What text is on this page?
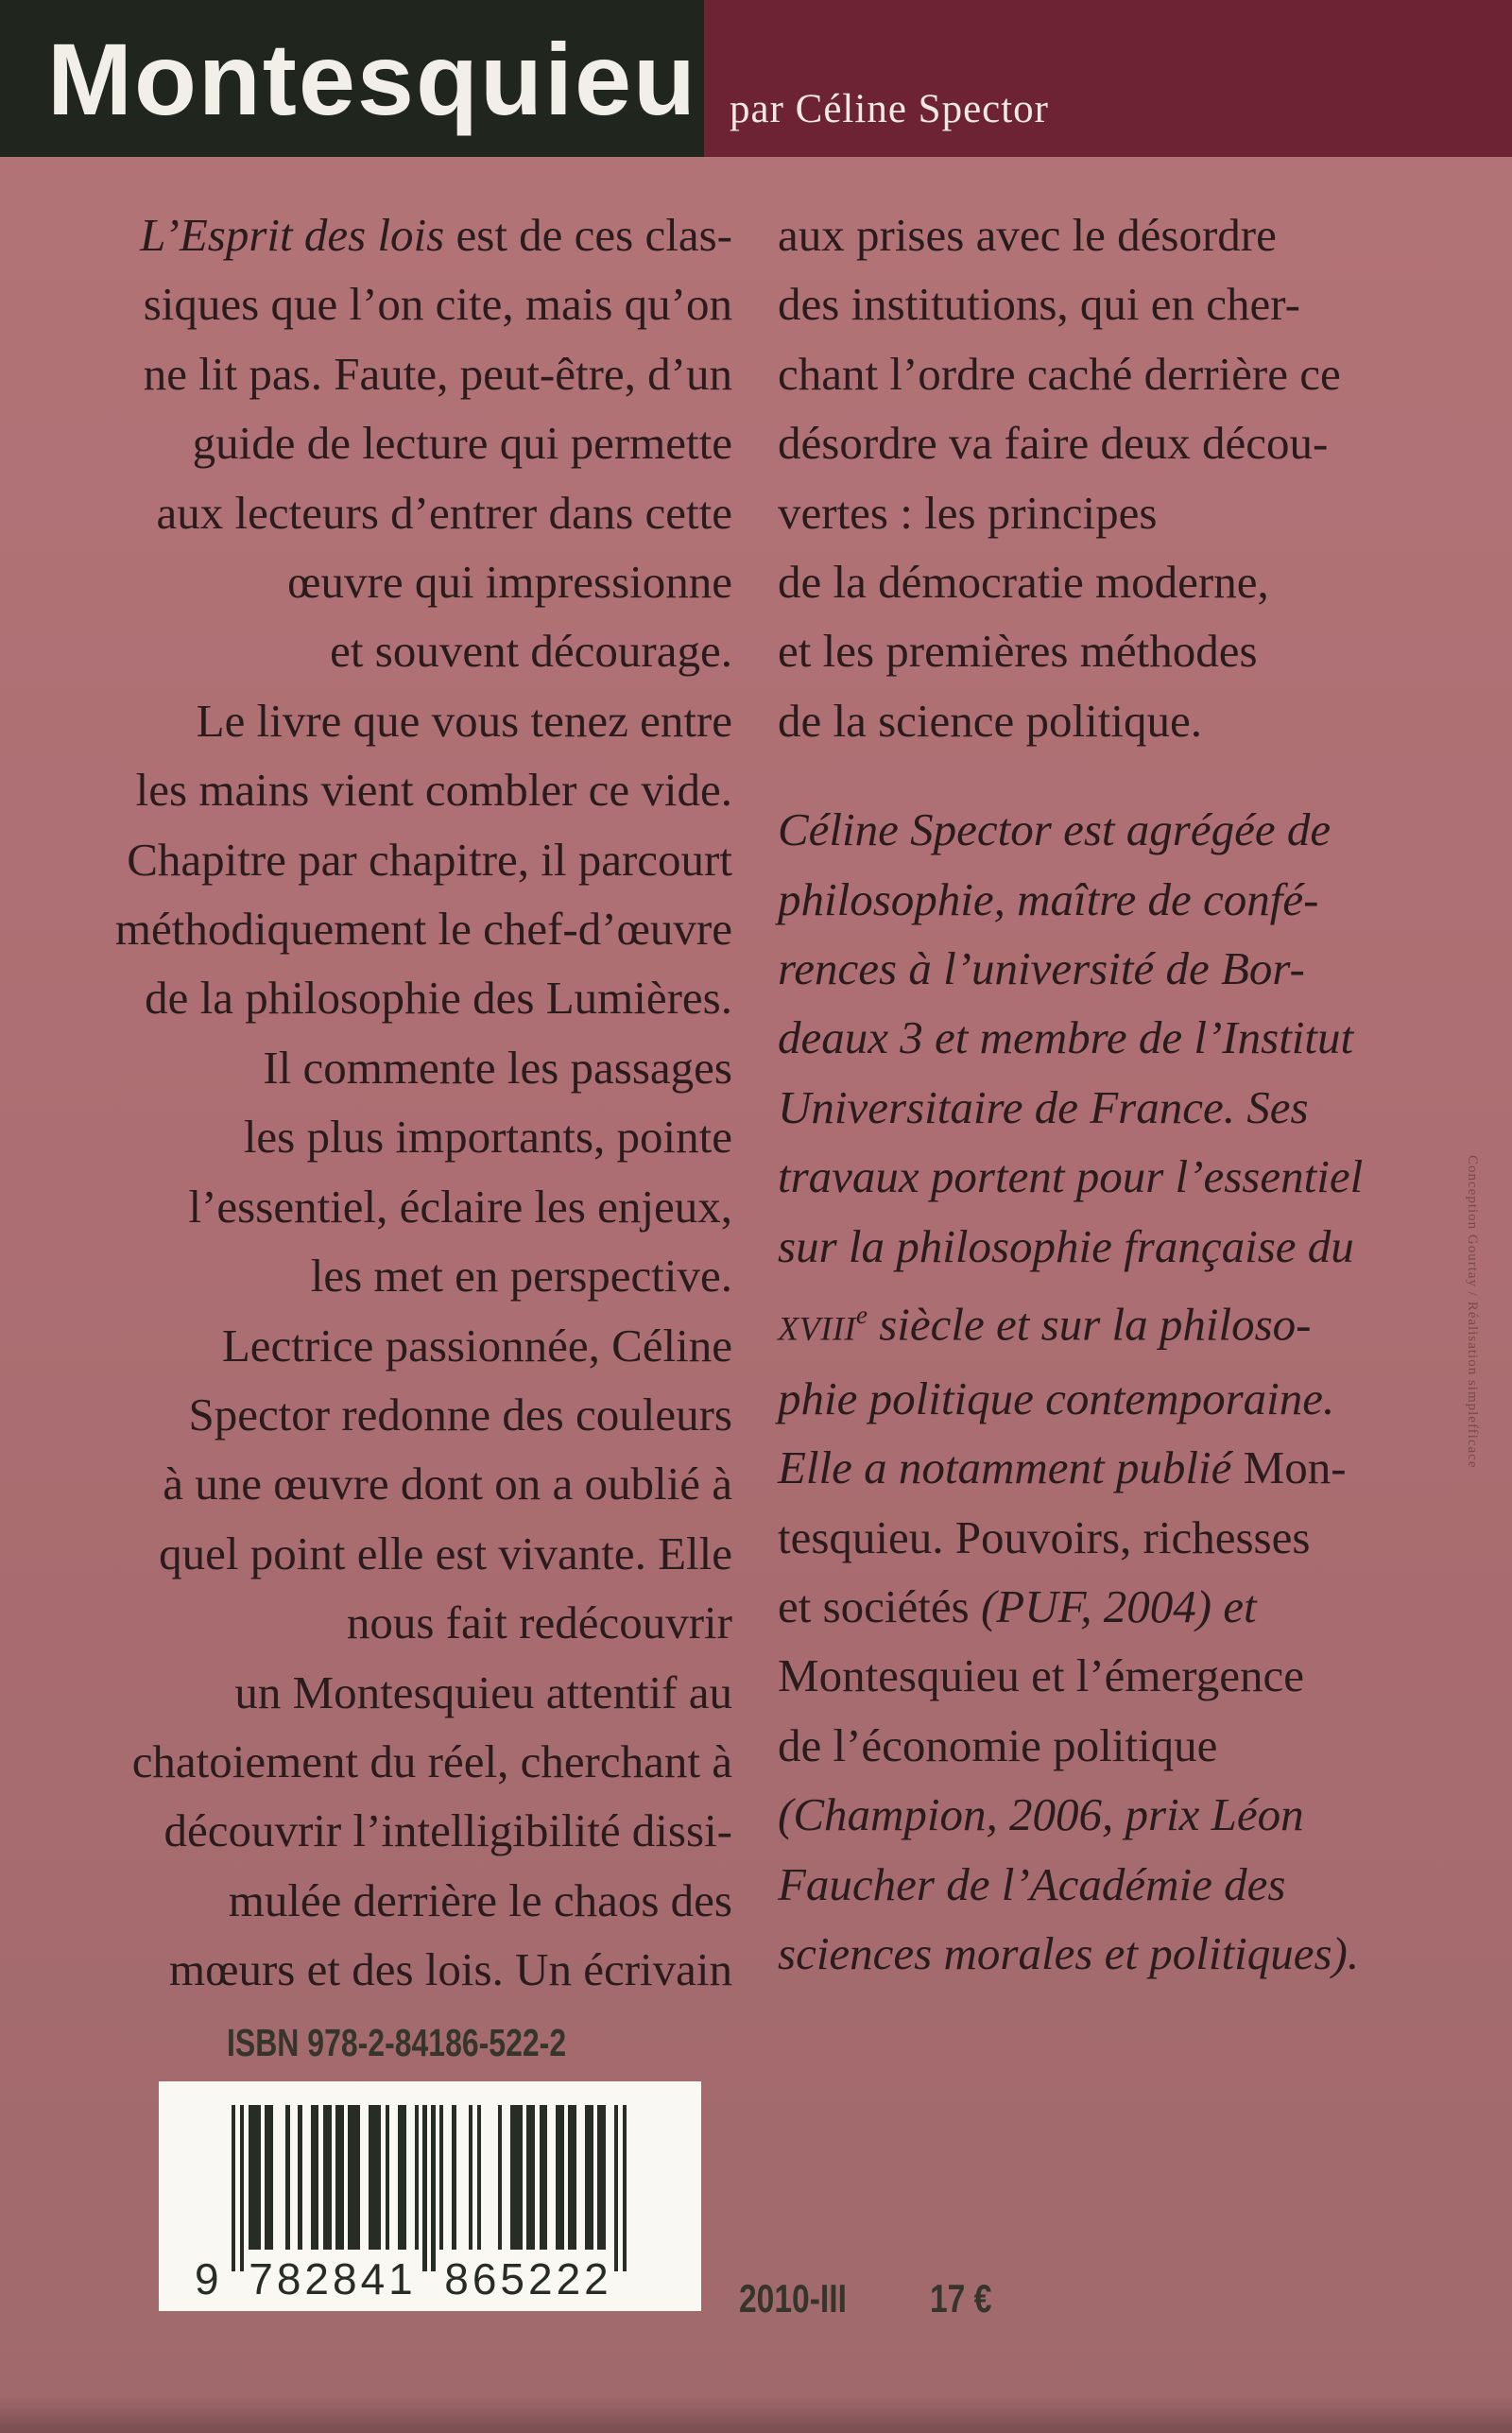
Montesquieu par Céline Spector
L’Esprit des lois est de ces clas-
siques que l’on cite, mais qu’on
ne lit pas. Faute, peut-être, d’un
guide de lecture qui permette
aux lecteurs d’entrer dans cette
œuvre qui impressionne
et souvent décourage.
Le livre que vous tenez entre
les mains vient combler ce vide.
Chapitre par chapitre, il parcourt
méthodiquement le chef-d’œuvre
de la philosophie des Lumières.
Il commente les passages
les plus importants, pointe
l’essentiel, éclaire les enjeux,
les met en perspective.
Lectrice passionnée, Céline
Spector redonne des couleurs
à une œuvre dont on a oublié à
quel point elle est vivante. Elle
nous fait redécouvrir
un Montesquieu attentif au
chatoiement du réel, cherchant à
découvrir l’intelligibilité dissi-
mulée derrière le chaos des
mœurs et des lois. Un écrivain
aux prises avec le désordre
des institutions, qui en cher-
chant l’ordre caché derrière ce
désordre va faire deux décou-
vertes : les principes
de la démocratie moderne,
et les premières méthodes
de la science politique.
Céline Spector est agrégée de
philosophie, maître de confé-
rences à l’université de Bor-
deaux 3 et membre de l’Institut
Universitaire de France. Ses
travaux portent pour l’essentiel
sur la philosophie française du
XVIIIe siècle et sur la philoso-
phie politique contemporaine.
Elle a notamment publié Mon-
tesquieu. Pouvoirs, richesses
et sociétés (PUF, 2004) et
Montesquieu et l’émergence
de l’économie politique
(Champion, 2006, prix Léon
Faucher de l’Académie des
sciences morales et politiques).
ISBN 978-2-84186-522-2
9 782841 865222	2010-III 17 €
Conception Gourtay / Réalisation simplefficace
